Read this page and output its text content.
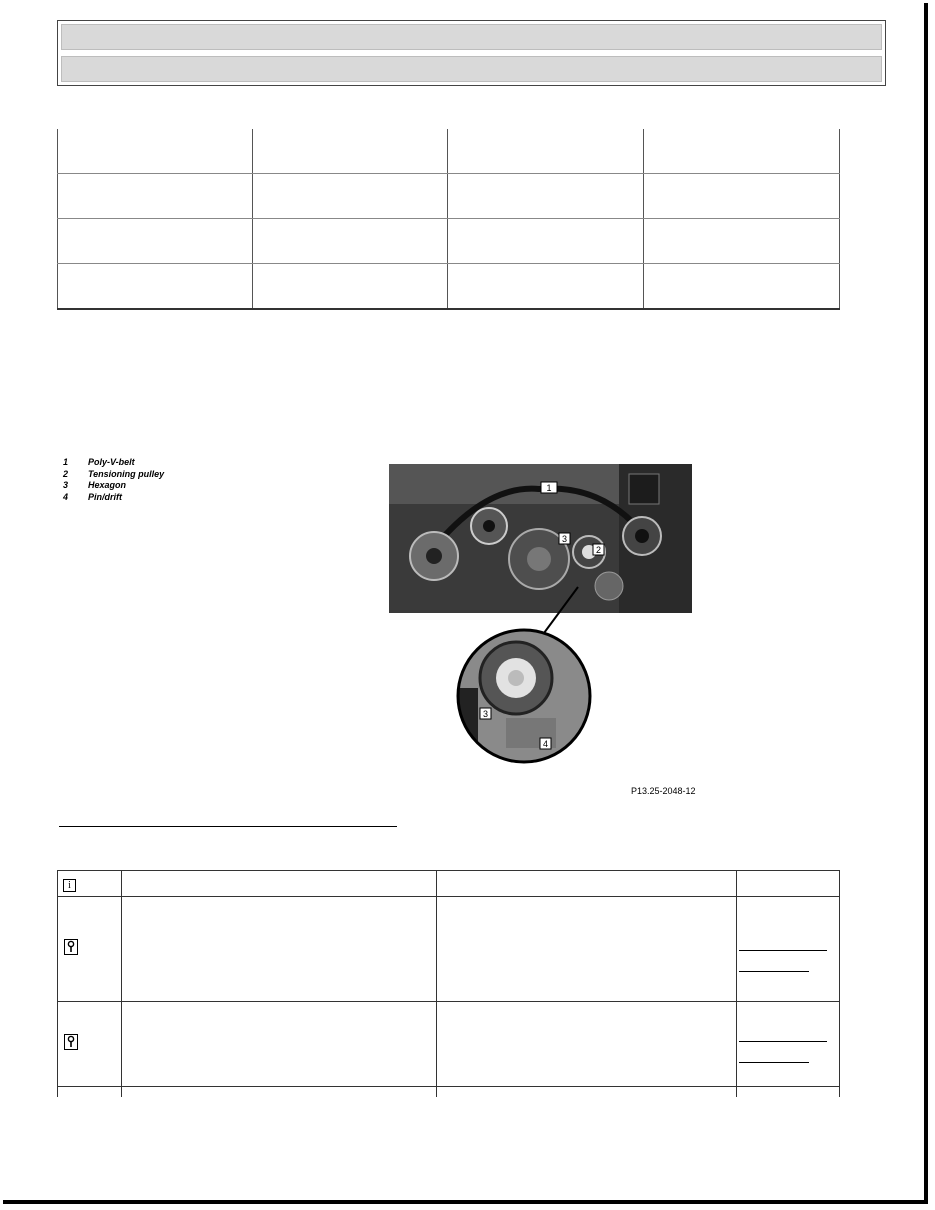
1	Poly-V-belt
2	Tensioning pulley
3	Hexagon
4	Pin/drift
1
3
2
3
4
P13.25-2048-12
i			
